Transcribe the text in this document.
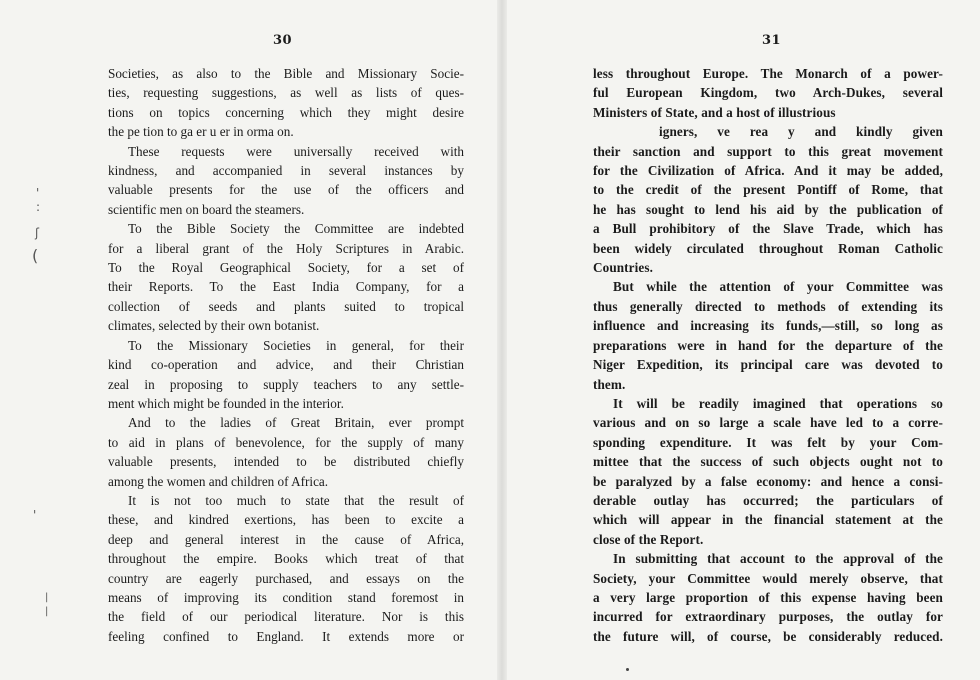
30

Societies, as also to the Bible and Missionary Socie-
ties, requesting suggestions, as well as lists of ques-
tions on topics concerning which they might desire
the pe tion to ga er u er in orma on.
These requests were universally received with
kindness, and accompanied in several instances by
valuable presents for the use of the officers and
scientific men on board the steamers.
To the Bible Society the Committee are indebted
for a liberal grant of the Holy Scriptures in Arabic.
To the Royal Geographical Society, for a set of
their Reports. To the East India Company, for a
collection of seeds and plants suited to tropical
climates, selected by their own botanist.
To the Missionary Societies in general, for their
kind co-operation and advice, and their Christian
zeal in proposing to supply teachers to any settle-
ment which might be founded in the interior.
And to the ladies of Great Britain, ever prompt
to aid in plans of benevolence, for the supply of many
valuable presents, intended to be distributed chiefly
among the women and children of Africa.
It is not too much to state that the result of
these, and kindred exertions, has been to excite a
deep and general interest in the cause of Africa,
throughout the empire. Books which treat of that
country are eagerly purchased, and essays on the
means of improving its condition stand foremost in
the field of our periodical literature. Nor is this
feeling confined to England. It extends more or

31

less throughout Europe. The Monarch of a power-
ful European Kingdom, two Arch-Dukes, several
Ministers of State, and a host of illustrious
igners, ve rea y and kindly given
their sanction and support to this great movement
for the Civilization of Africa. And it may be added,
to the credit of the present Pontiff of Rome, that
he has sought to lend his aid by the publication of
a Bull prohibitory of the Slave Trade, which has
been widely circulated throughout Roman Catholic
Countries.
But while the attention of your Committee was
thus generally directed to methods of extending its
influence and increasing its funds,—still, so long as
preparations were in hand for the departure of the
Niger Expedition, its principal care was devoted to
them.
It will be readily imagined that operations so
various and on so large a scale have led to a corre-
sponding expenditure. It was felt by your Com-
mittee that the success of such objects ought not to
be paralyzed by a false economy: and hence a consi-
derable outlay has occurred; the particulars of
which will appear in the financial statement at the
close of the Report.
In submitting that account to the approval of the
Society, your Committee would merely observe, that
a very large proportion of this expense having been
incurred for extraordinary purposes, the outlay for
the future will, of course, be considerably reduced.

'
:
ʃ
(
'
|
|
